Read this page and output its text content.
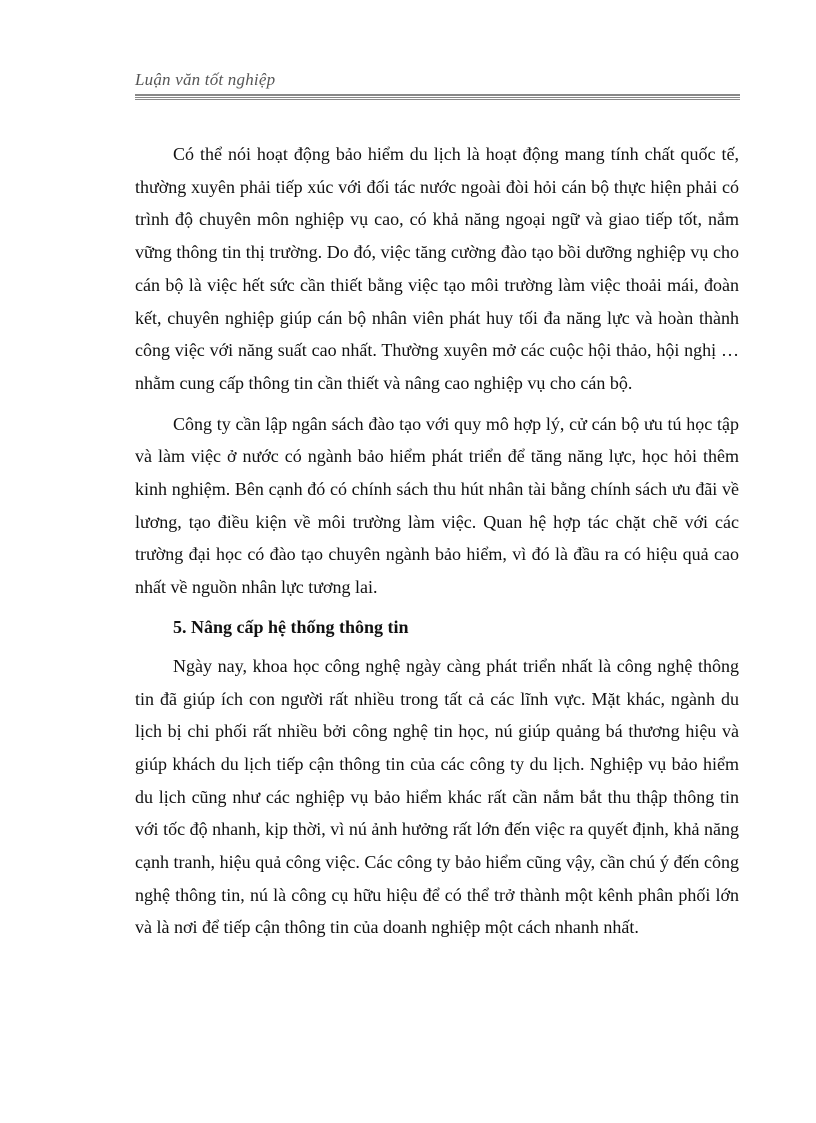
Luận văn tốt nghiệp

Có thể nói hoạt động bảo hiểm du lịch là hoạt động mang tính chất quốc tế, thường xuyên phải tiếp xúc với đối tác nước ngoài đòi hỏi cán bộ thực hiện phải có trình độ chuyên môn nghiệp vụ cao, có khả năng ngoại ngữ và giao tiếp tốt, nắm vững thông tin thị trường. Do đó, việc tăng cường đào tạo bồi dưỡng nghiệp vụ cho cán bộ là việc hết sức cần thiết bằng việc tạo môi trường làm việc thoải mái, đoàn kết, chuyên nghiệp giúp cán bộ nhân viên phát huy tối đa năng lực và hoàn thành công việc với năng suất cao nhất. Thường xuyên mở các cuộc hội thảo, hội nghị …nhằm cung cấp thông tin cần thiết và nâng cao nghiệp vụ cho cán bộ.

Công ty cần lập ngân sách đào tạo với quy mô hợp lý, cử cán bộ ưu tú học tập và làm việc ở nước có ngành bảo hiểm phát triển để tăng năng lực, học hỏi thêm kinh nghiệm. Bên cạnh đó có chính sách thu hút nhân tài bằng chính sách ưu đãi về lương, tạo điều kiện về môi trường làm việc. Quan hệ hợp tác chặt chẽ với các trường đại học có đào tạo chuyên ngành bảo hiểm, vì đó là đầu ra có hiệu quả cao nhất về nguồn nhân lực tương lai.

5. Nâng cấp hệ thống thông tin

Ngày nay, khoa học công nghệ ngày càng phát triển nhất là công nghệ thông tin đã giúp ích con người rất nhiều trong tất cả các lĩnh vực. Mặt khác, ngành du lịch bị chi phối rất nhiều bởi công nghệ tin học, nú giúp quảng bá thương hiệu và giúp khách du lịch tiếp cận thông tin của các công ty du lịch. Nghiệp vụ bảo hiểm du lịch cũng như các nghiệp vụ bảo hiểm khác rất cần nắm bắt thu thập thông tin với tốc độ nhanh, kịp thời, vì nú ảnh hưởng rất lớn đến việc ra quyết định, khả năng cạnh tranh, hiệu quả công việc. Các công ty bảo hiểm cũng vậy, cần chú ý đến công nghệ thông tin, nú là công cụ hữu hiệu để có thể trở thành một kênh phân phối lớn và là nơi để tiếp cận thông tin của doanh nghiệp một cách nhanh nhất.
